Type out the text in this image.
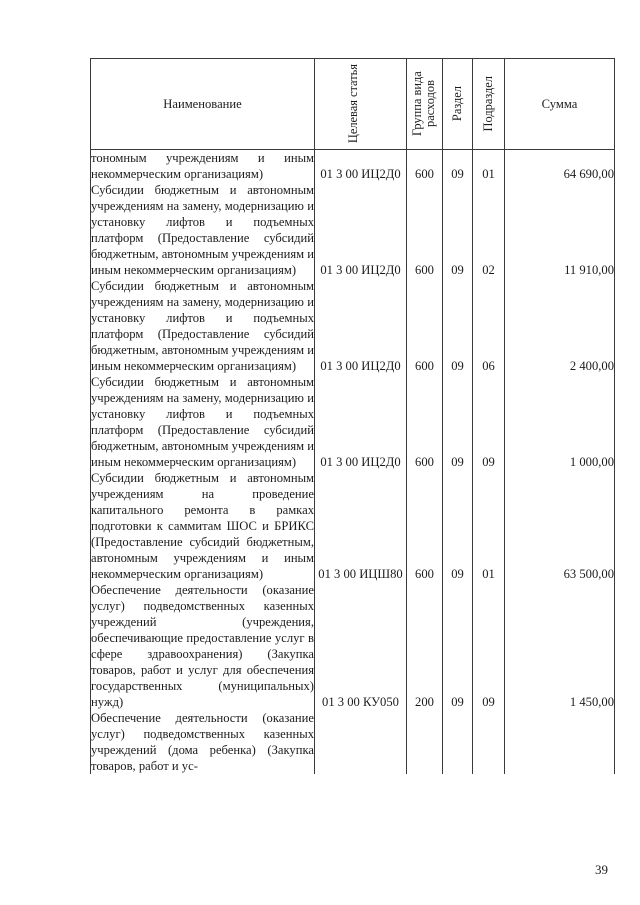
Наименование	Целевая статья	Группа вида расходов	Раздел	Подраздел	Сумма

тономным учреждениям и иным некоммерческим организациям)	01 3 00 ИЦ2Д0	600	09	01	64 690,00

Субсидии бюджетным и автономным учреждениям на замену, модернизацию и установку лифтов и подъемных платформ (Предоставление субсидий бюджетным, автономным учреждениям и иным некоммерческим организациям)	01 3 00 ИЦ2Д0	600	09	02	11 910,00

Субсидии бюджетным и автономным учреждениям на замену, модернизацию и установку лифтов и подъемных платформ (Предоставление субсидий бюджетным, автономным учреждениям и иным некоммерческим организациям)	01 3 00 ИЦ2Д0	600	09	06	2 400,00

Субсидии бюджетным и автономным учреждениям на замену, модернизацию и установку лифтов и подъемных платформ (Предоставление субсидий бюджетным, автономным учреждениям и иным некоммерческим организациям)	01 3 00 ИЦ2Д0	600	09	09	1 000,00

Субсидии бюджетным и автономным учреждениям на проведение капитального ремонта в рамках подготовки к саммитам ШОС и БРИКС (Предоставление субсидий бюджетным, автономным учреждениям и иным некоммерческим организациям)	01 3 00 ИЦШ80	600	09	01	63 500,00

Обеспечение деятельности (оказание услуг) подведомственных казенных учреждений (учреждения, обеспечивающие предоставление услуг в сфере здравоохранения) (Закупка товаров, работ и услуг для обеспечения государственных (муниципальных) нужд)	01 3 00 КУ050	200	09	09	1 450,00

Обеспечение деятельности (оказание услуг) подведомственных казенных учреждений (дома ребенка) (Закупка товаров, работ и ус-					

39
